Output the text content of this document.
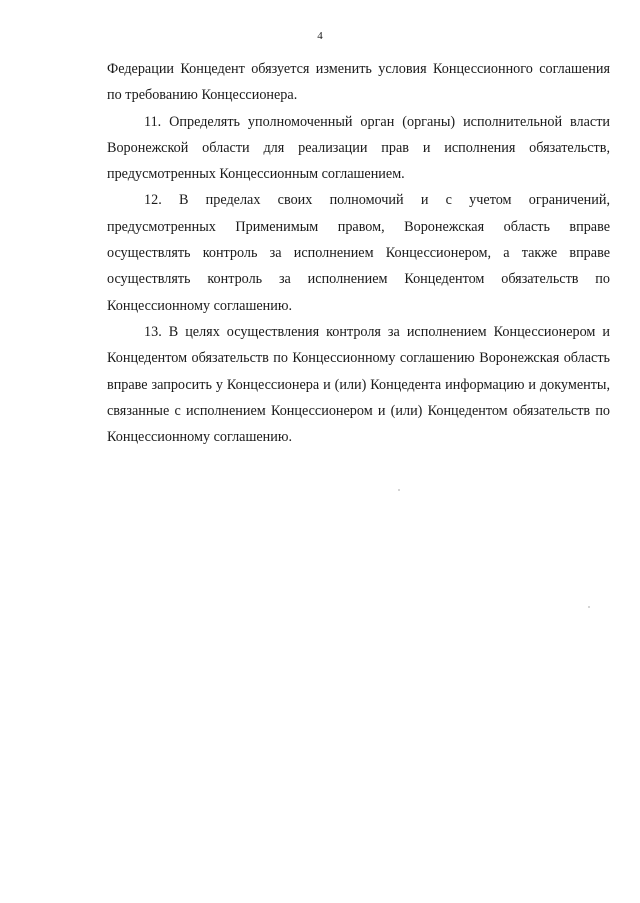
4

Федерации Концедент обязуется изменить условия Концессионного соглашения по требованию Концессионера.

11. Определять уполномоченный орган (органы) исполнительной власти Воронежской области для реализации прав и исполнения обязательств, предусмотренных Концессионным соглашением.

12. В пределах своих полномочий и с учетом ограничений, предусмотренных Применимым правом, Воронежская область вправе осуществлять контроль за исполнением Концессионером, а также вправе осуществлять контроль за исполнением Концедентом обязательств по Концессионному соглашению.

13. В целях осуществления контроля за исполнением Концессионером и Концедентом обязательств по Концессионному соглашению Воронежская область вправе запросить у Концессионера и (или) Концедента информацию и документы, связанные с исполнением Концессионером и (или) Концедентом обязательств по Концессионному соглашению.
